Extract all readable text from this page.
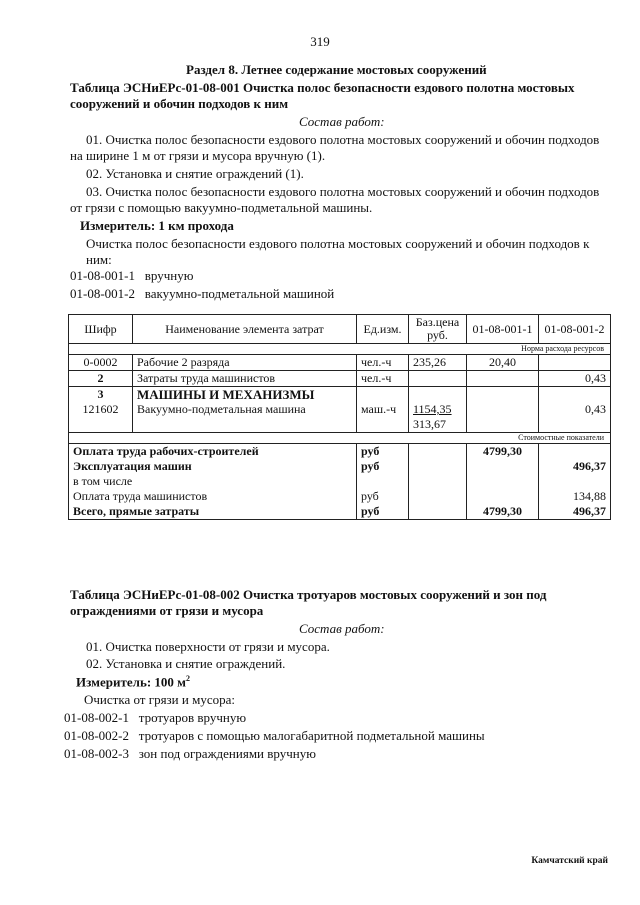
319
Раздел 8. Летнее содержание мостовых сооружений
Таблица ЭСНиЕРс-01-08-001 Очистка полос безопасности ездового полотна мостовых
сооружений и обочин подходов к ним
Состав работ:
01. Очистка полос безопасности ездового полотна мостовых сооружений и обочин подходов
на ширине 1 м от грязи и мусора вручную (1).
02. Установка и снятие ограждений (1).
03. Очистка полос безопасности ездового полотна мостовых сооружений и обочин подходов
от грязи с помощью вакуумно-подметальной машины.
Измеритель: 1 км прохода
Очистка полос безопасности ездового полотна мостовых сооружений и обочин подходов к
ним:
01-08-001-1 вручную
01-08-001-2 вакуумно-подметальной машиной
Шифр	Наименование элемента затрат	Ед.изм.	Баз.цена руб.	01-08-001-1	01-08-001-2
Норма расхода ресурсов					
0-0002	Рабочие 2 разряда	чел.-ч	235,26	20,40	
2	Затраты труда машинистов	чел.-ч			0,43
3	МАШИНЫ И МЕХАНИЗМЫ				
121602	Вакуумно-подметальная машина	маш.-ч	1154,35		0,43
			313,67		
Стоимостные показатели					
Оплата труда рабочих-строителей		руб		4799,30	
Эксплуатация машин		руб			496,37
в том числе					
Оплата труда машинистов		руб			134,88
Всего, прямые затраты		руб		4799,30	496,37
Таблица ЭСНиЕРс-01-08-002 Очистка тротуаров мостовых сооружений и зон под
ограждениями от грязи и мусора
Состав работ:
01. Очистка поверхности от грязи и мусора.
02. Установка и снятие ограждений.
Измеритель: 100 $м^2$
Очистка от грязи и мусора:
01-08-002-1 тротуаров вручную
01-08-002-2 тротуаров с помощью малогабаритной подметальной машины
01-08-002-3 зон под ограждениями вручную
Камчатский край
